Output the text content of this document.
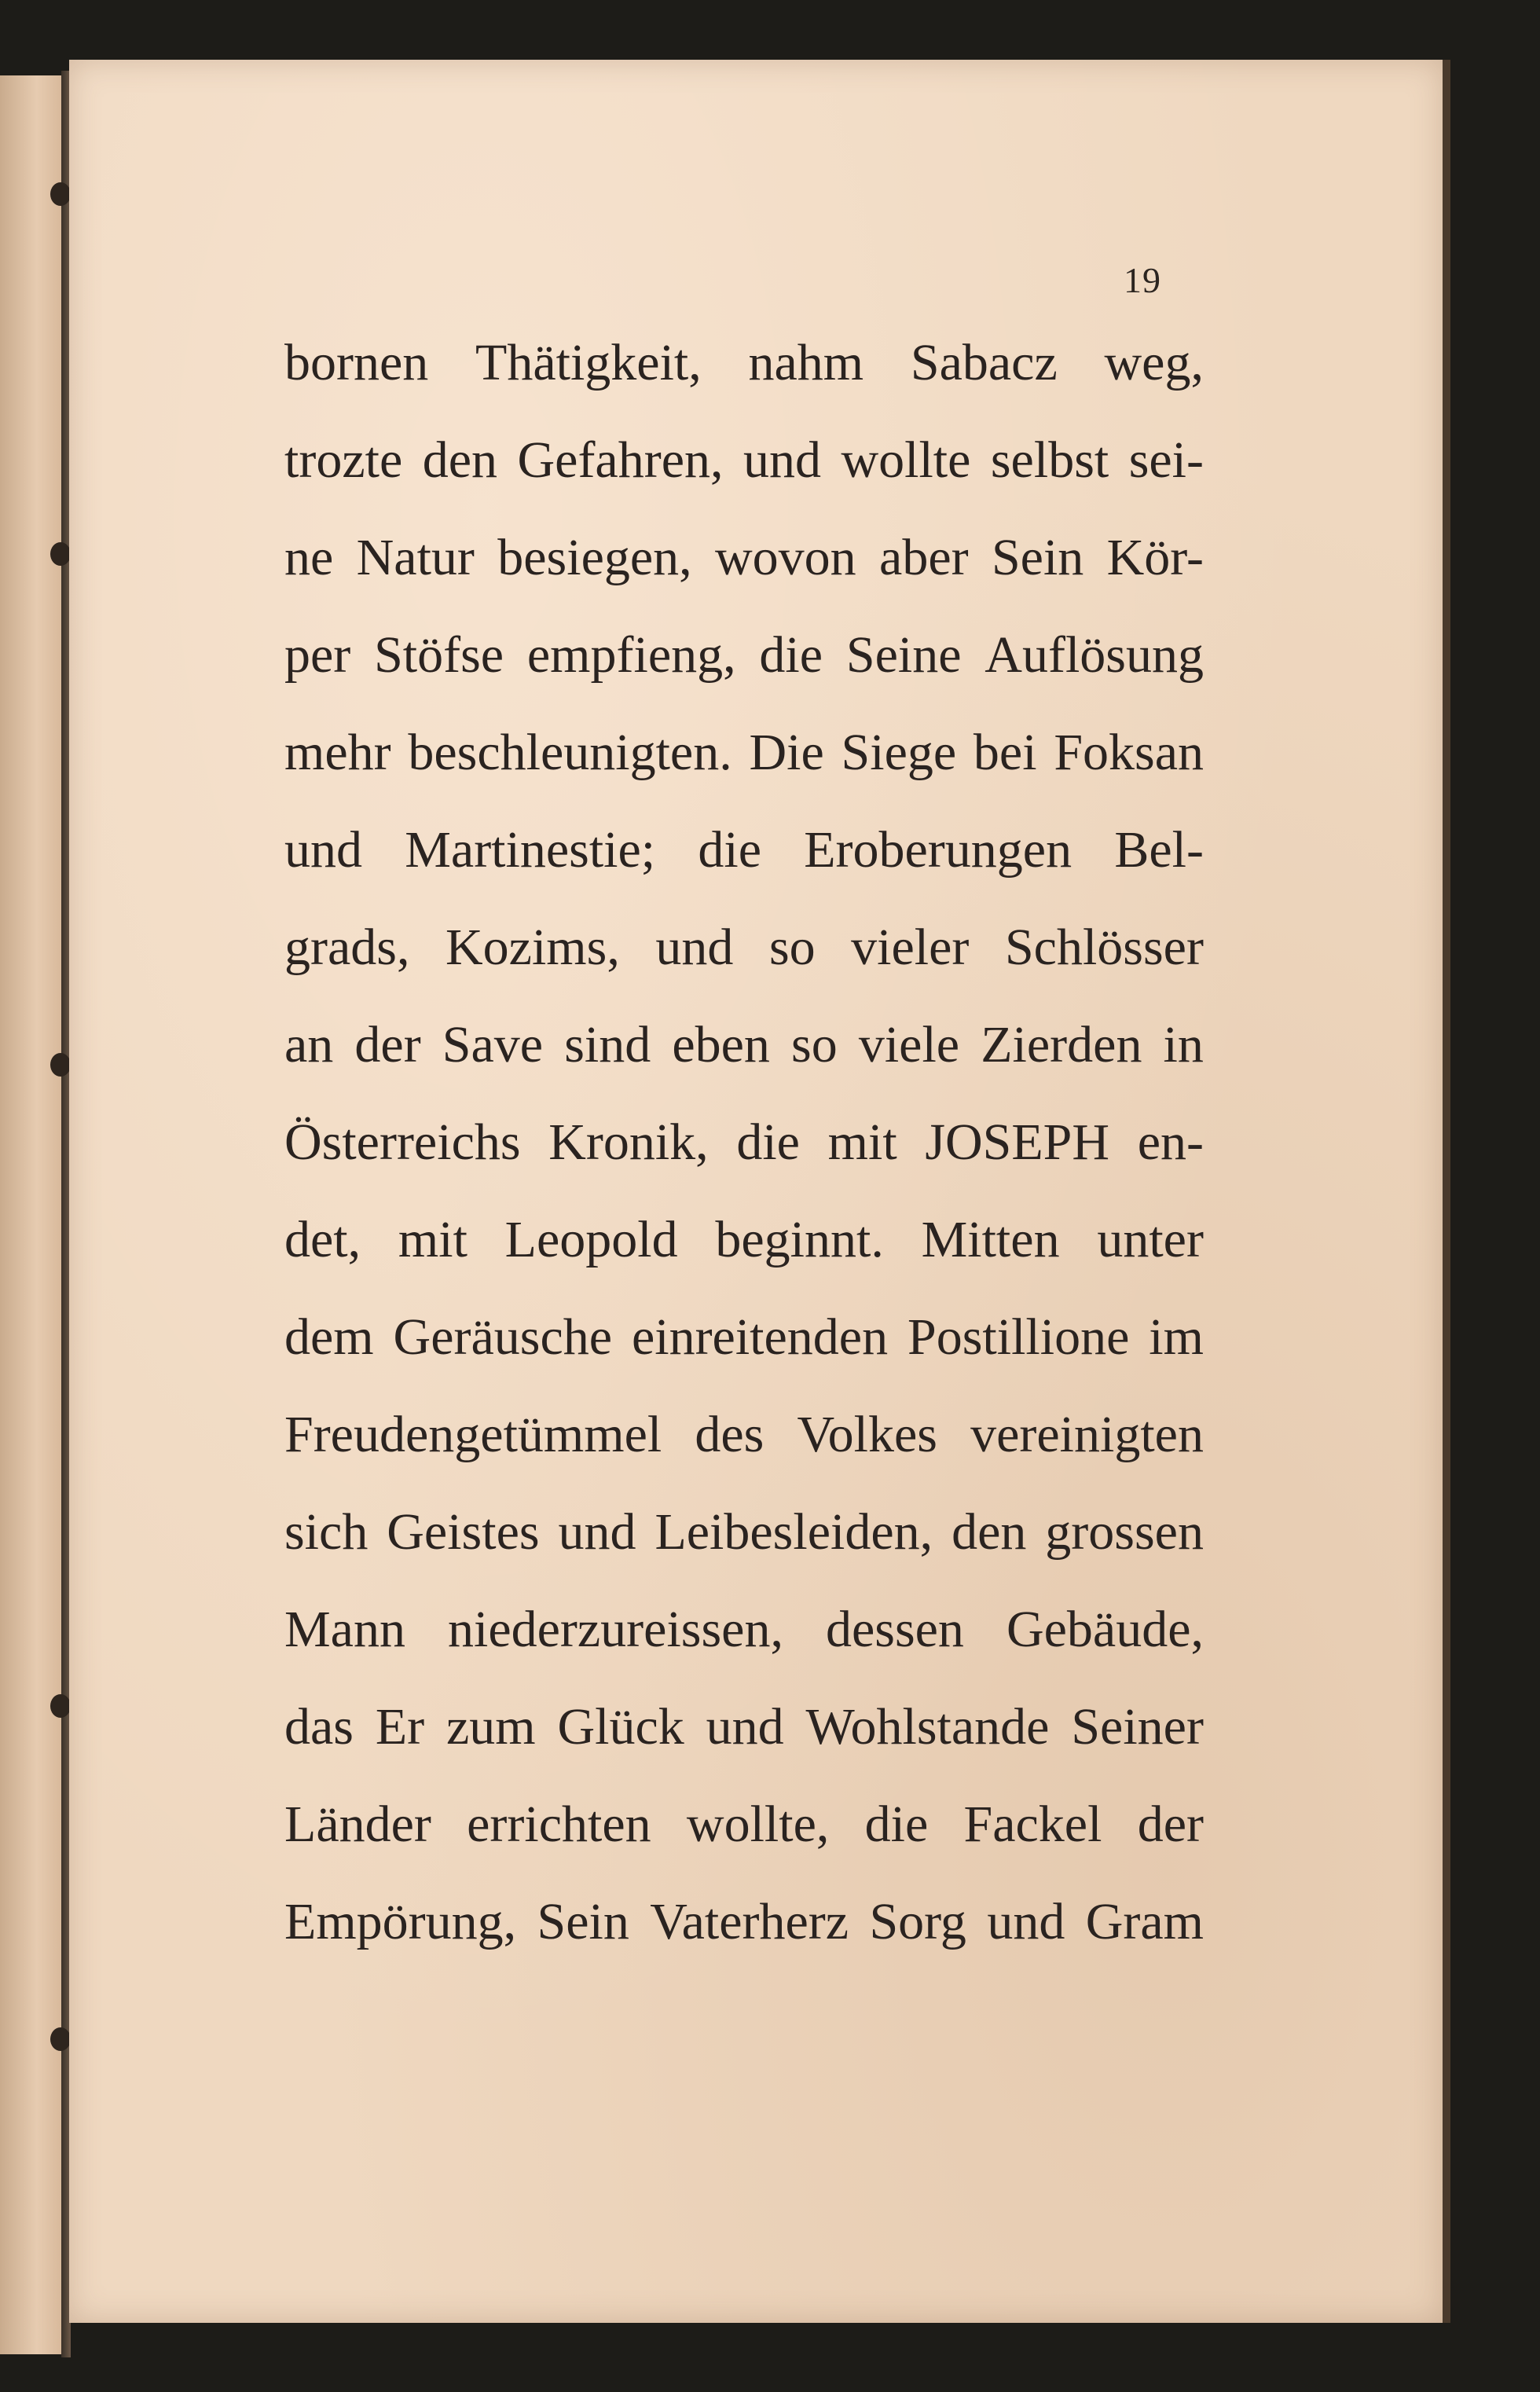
19
bornen Thätigkeit, nahm Sabacz weg,
trozte den Gefahren, und wollte selbst sei-
ne Natur besiegen, wovon aber Sein Kör-
per Stöfse empfieng, die Seine Auflösung
mehr beschleunigten. Die Siege bei Foksan
und Martinestie; die Eroberungen Bel-
grads, Kozims, und so vieler Schlösser
an der Save sind eben so viele Zierden in
Österreichs Kronik, die mit JOSEPH en-
det, mit Leopold beginnt. Mitten unter
dem Geräusche einreitenden Postillione im
Freudengetümmel des Volkes vereinigten
sich Geistes und Leibesleiden, den grossen
Mann niederzureissen, dessen Gebäude,
das Er zum Glück und Wohlstande Seiner
Länder errichten wollte, die Fackel der
Empörung, Sein Vaterherz Sorg und Gram
